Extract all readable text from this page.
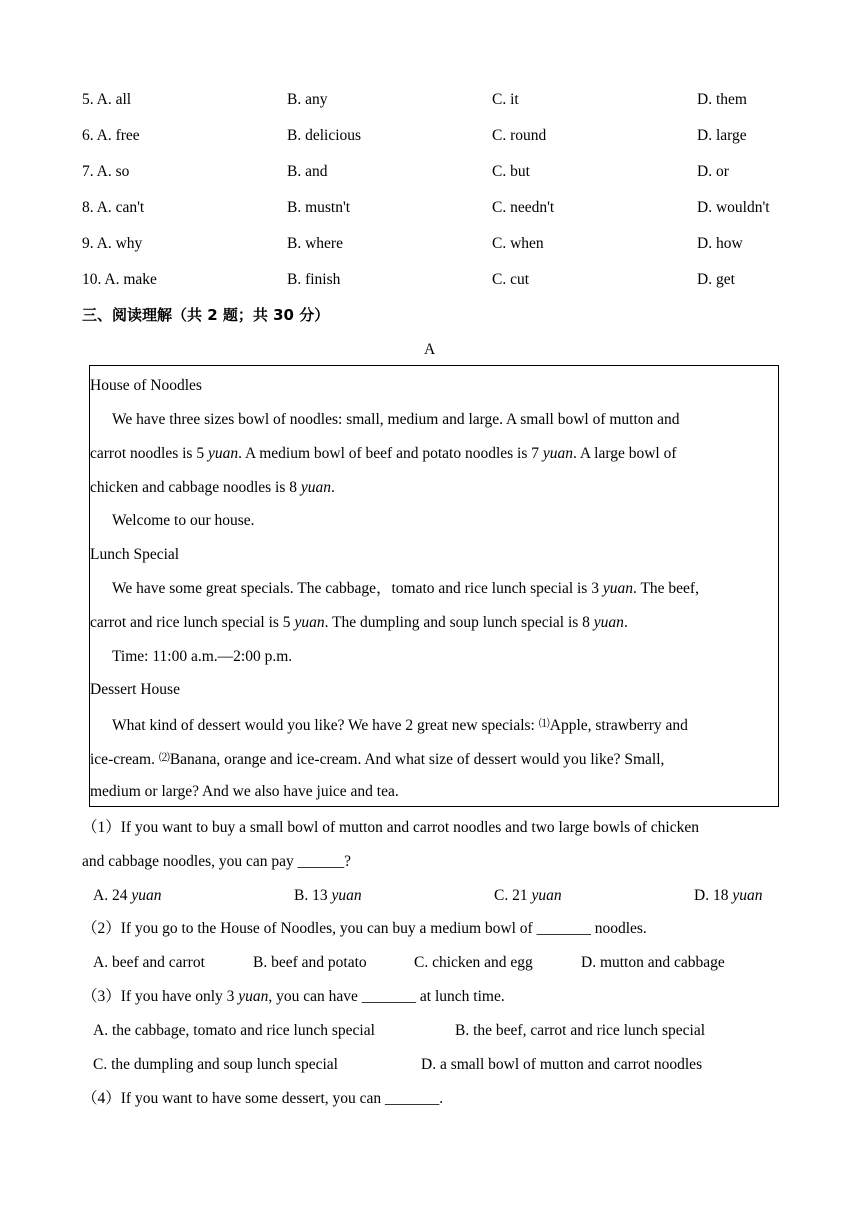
5. A. all	B. any	C. it	D. them
6. A. free	B. delicious	C. round	D. large
7. A. so	B. and	C. but	D. or
8. A. can't	B. mustn't	C. needn't	D. wouldn't
9. A. why	B. where	C. when	D. how
10. A. make	B. finish	C. cut	D. get
三、阅读理解（共 2 题；共 30 分）
A
House of Noodles
We have three sizes bowl of noodles: small, medium and large. A small bowl of mutton and
carrot noodles is 5 yuan. A medium bowl of beef and potato noodles is 7 yuan. A large bowl of
chicken and cabbage noodles is 8 yuan.
Welcome to our house.
Lunch Special
We have some great specials. The cabbage，tomato and rice lunch special is 3 yuan. The beef,
carrot and rice lunch special is 5 yuan. The dumpling and soup lunch special is 8 yuan.
Time: 11:00 a.m.—2:00 p.m.
Dessert House
What kind of dessert would you like? We have 2 great new specials: ⑴Apple, strawberry and
ice-cream. ⑵Banana, orange and ice-cream. And what size of dessert would you like? Small,
medium or large? And we also have juice and tea.
（1）If you want to buy a small bowl of mutton and carrot noodles and two large bowls of chicken
and cabbage noodles, you can pay ______?
A. 24 yuan	B. 13 yuan	C. 21 yuan	D. 18 yuan
（2）If you go to the House of Noodles, you can buy a medium bowl of _______ noodles.
A. beef and carrot	B. beef and potato	C. chicken and egg	D. mutton and cabbage
（3）If you have only 3 yuan, you can have _______ at lunch time.
A. the cabbage, tomato and rice lunch special	B. the beef, carrot and rice lunch special
C. the dumpling and soup lunch special	D. a small bowl of mutton and carrot noodles
（4）If you want to have some dessert, you can _______.
